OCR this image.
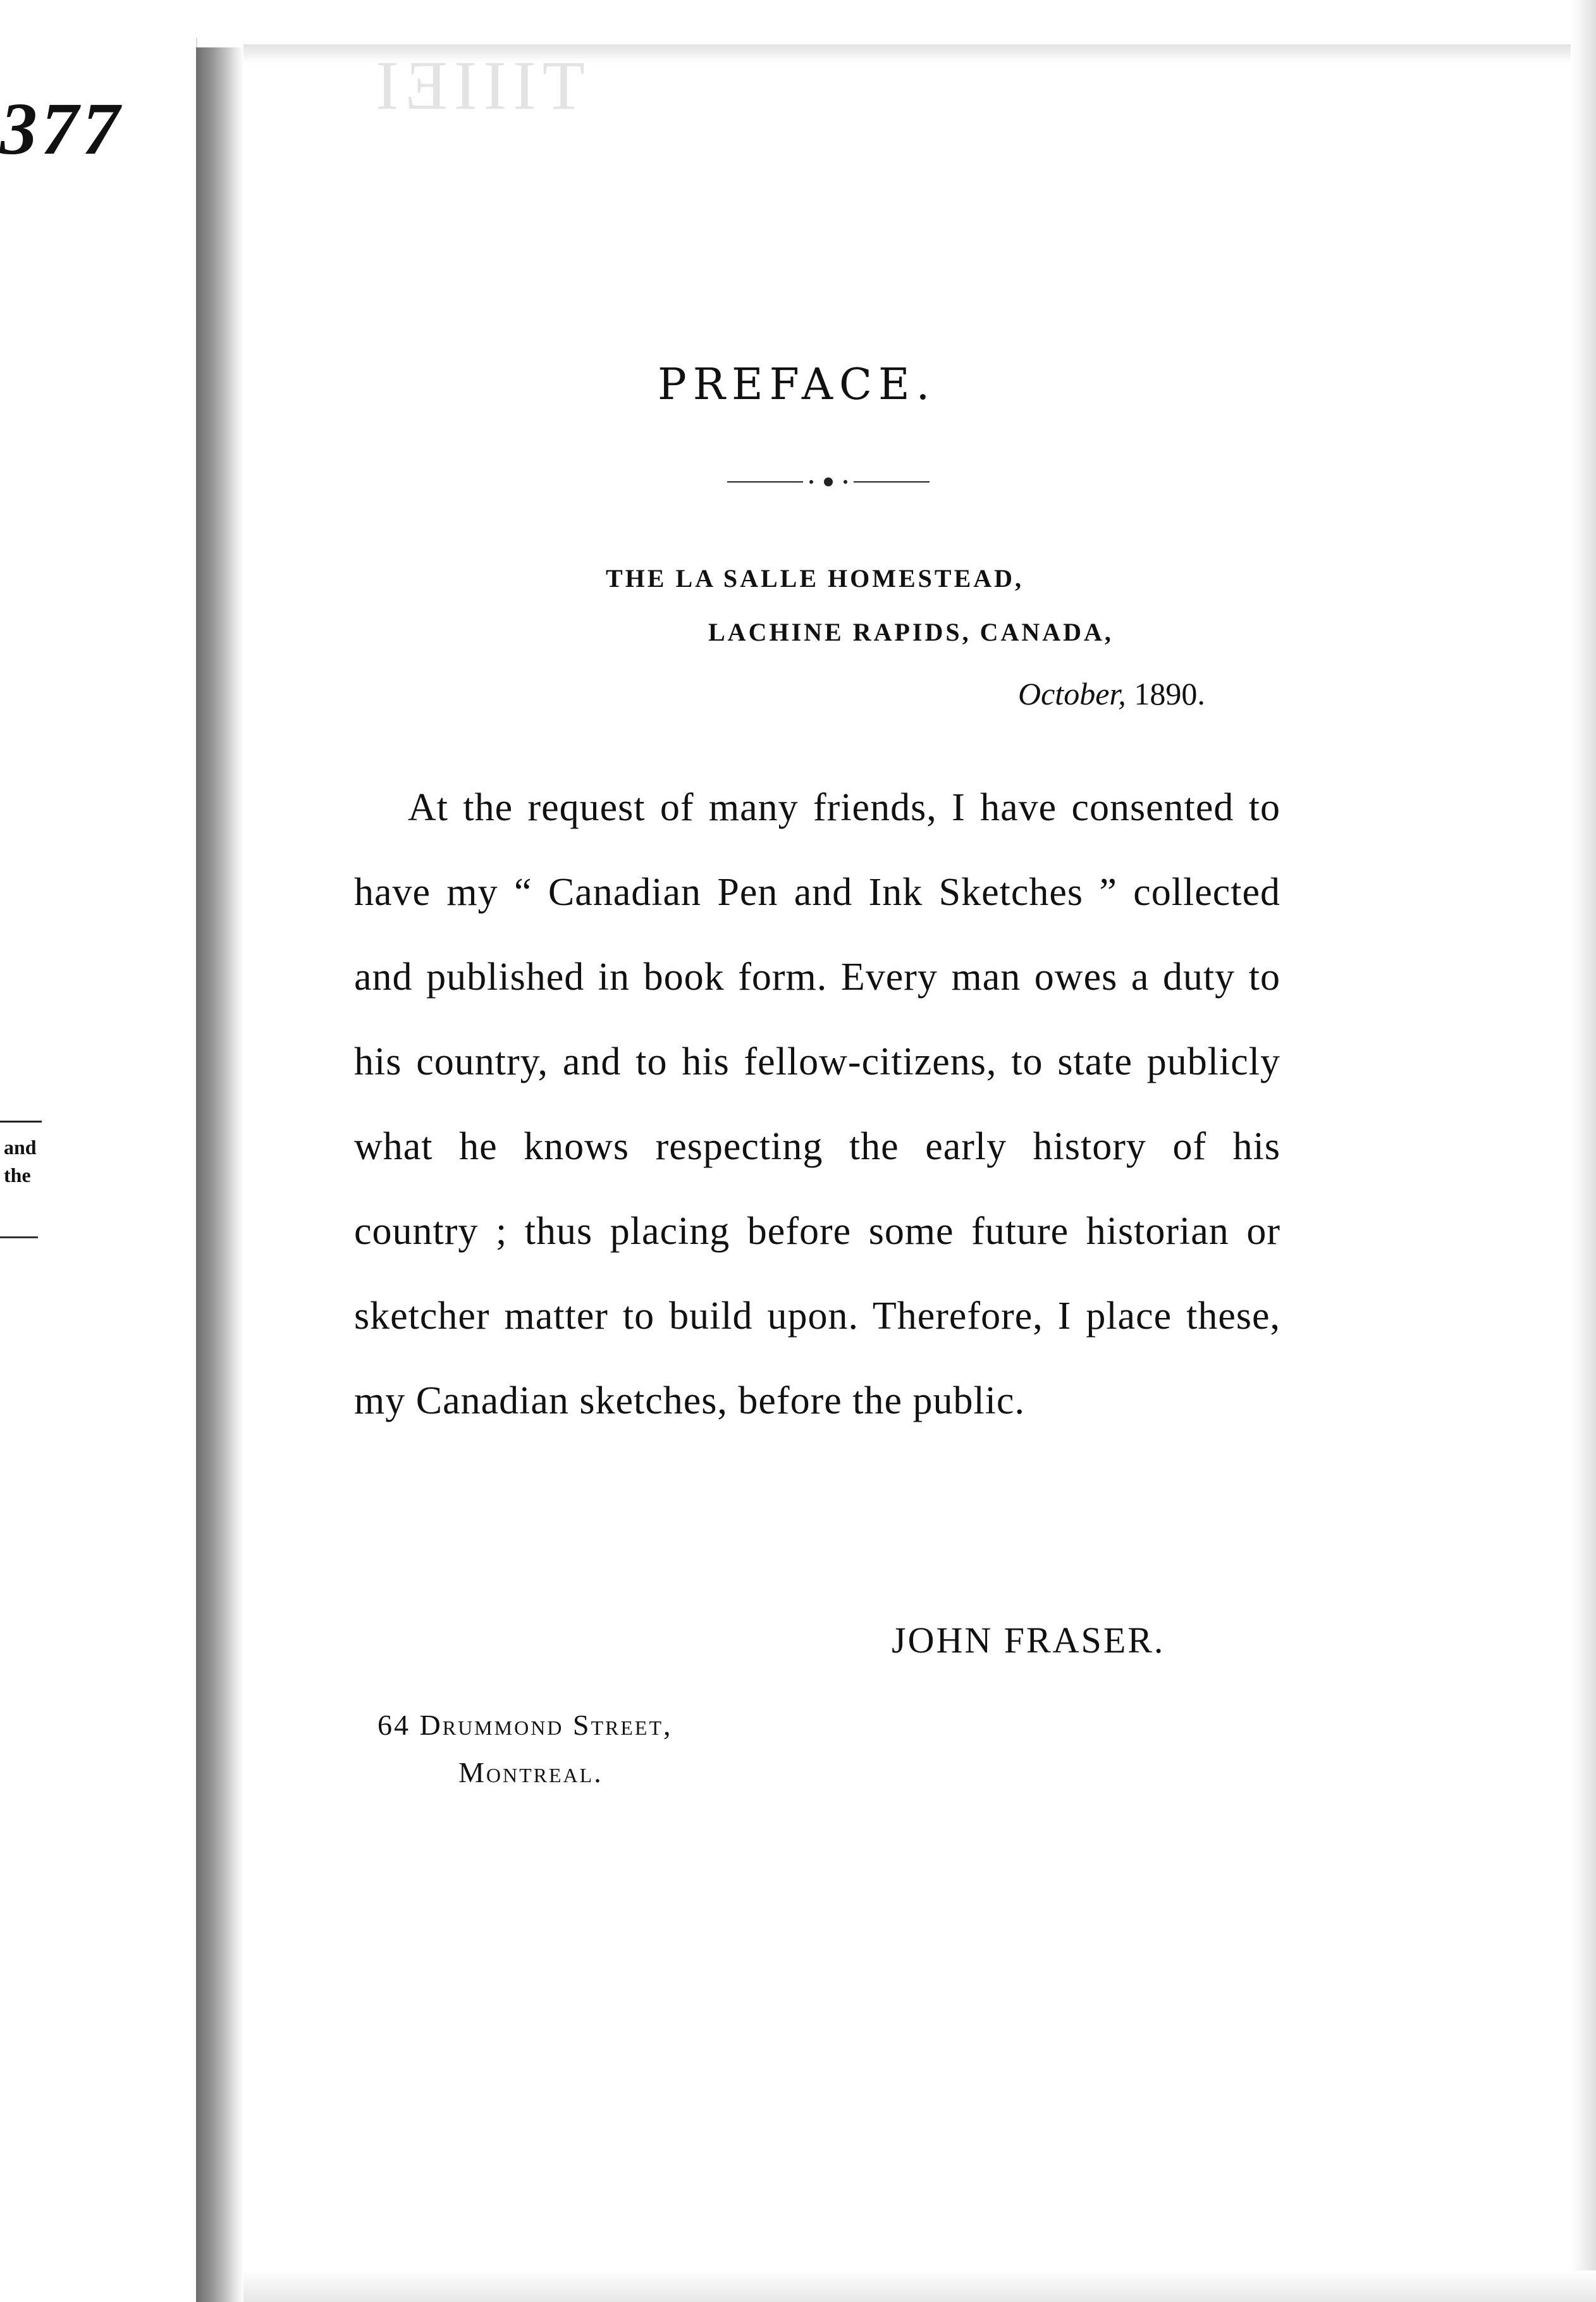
377
and
the
TIIIEI
PREFACE.
THE LA SALLE HOMESTEAD,
LACHINE RAPIDS, CANADA,
October, 1890.

At the request of many friends, I have consented to have my “ Canadian Pen and Ink Sketches ” collected and published in book form. Every man owes a duty to his country, and to his fellow-citizens, to state publicly what he knows respecting the early history of his country ; thus placing before some future historian or sketcher matter to build upon. Therefore, I place these, my Canadian sketches, before the public.

JOHN FRASER.
64 Drummond Street,
Montreal.
